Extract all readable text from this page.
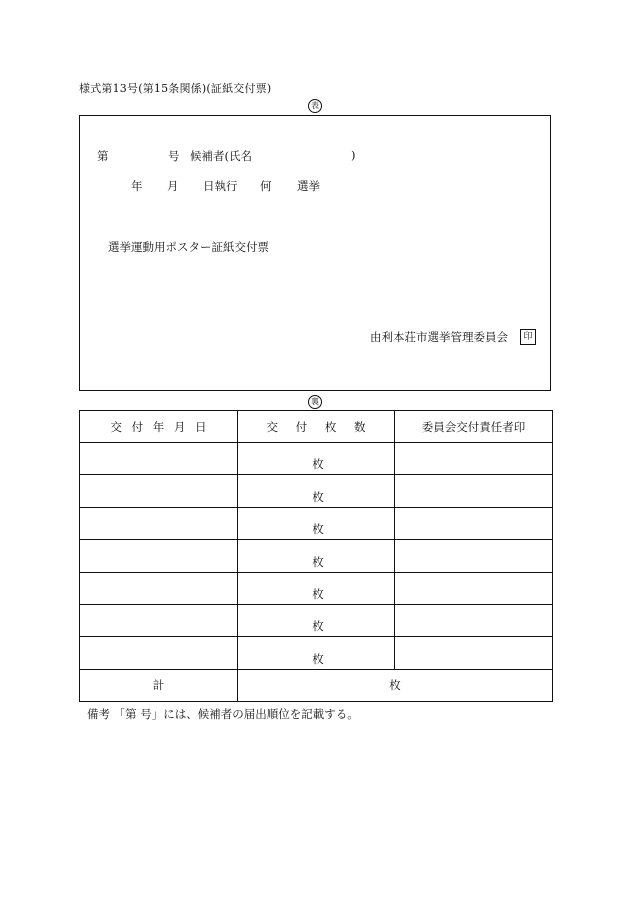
様式第13号(第15条関係)(証紙交付票)
表
第	号 候補者(氏名	)
年 月 日執行 何 選挙
選挙運動用ポスター証紙交付票
由利本荘市選挙管理委員会	印
裏
交 付 年 月 日	交 付 枚 数	委員会交付責任者印
	枚	
	枚	
	枚	
	枚	
	枚	
	枚	
	枚	
計	枚	
備考 「第 号」には、候補者の届出順位を記載する。
